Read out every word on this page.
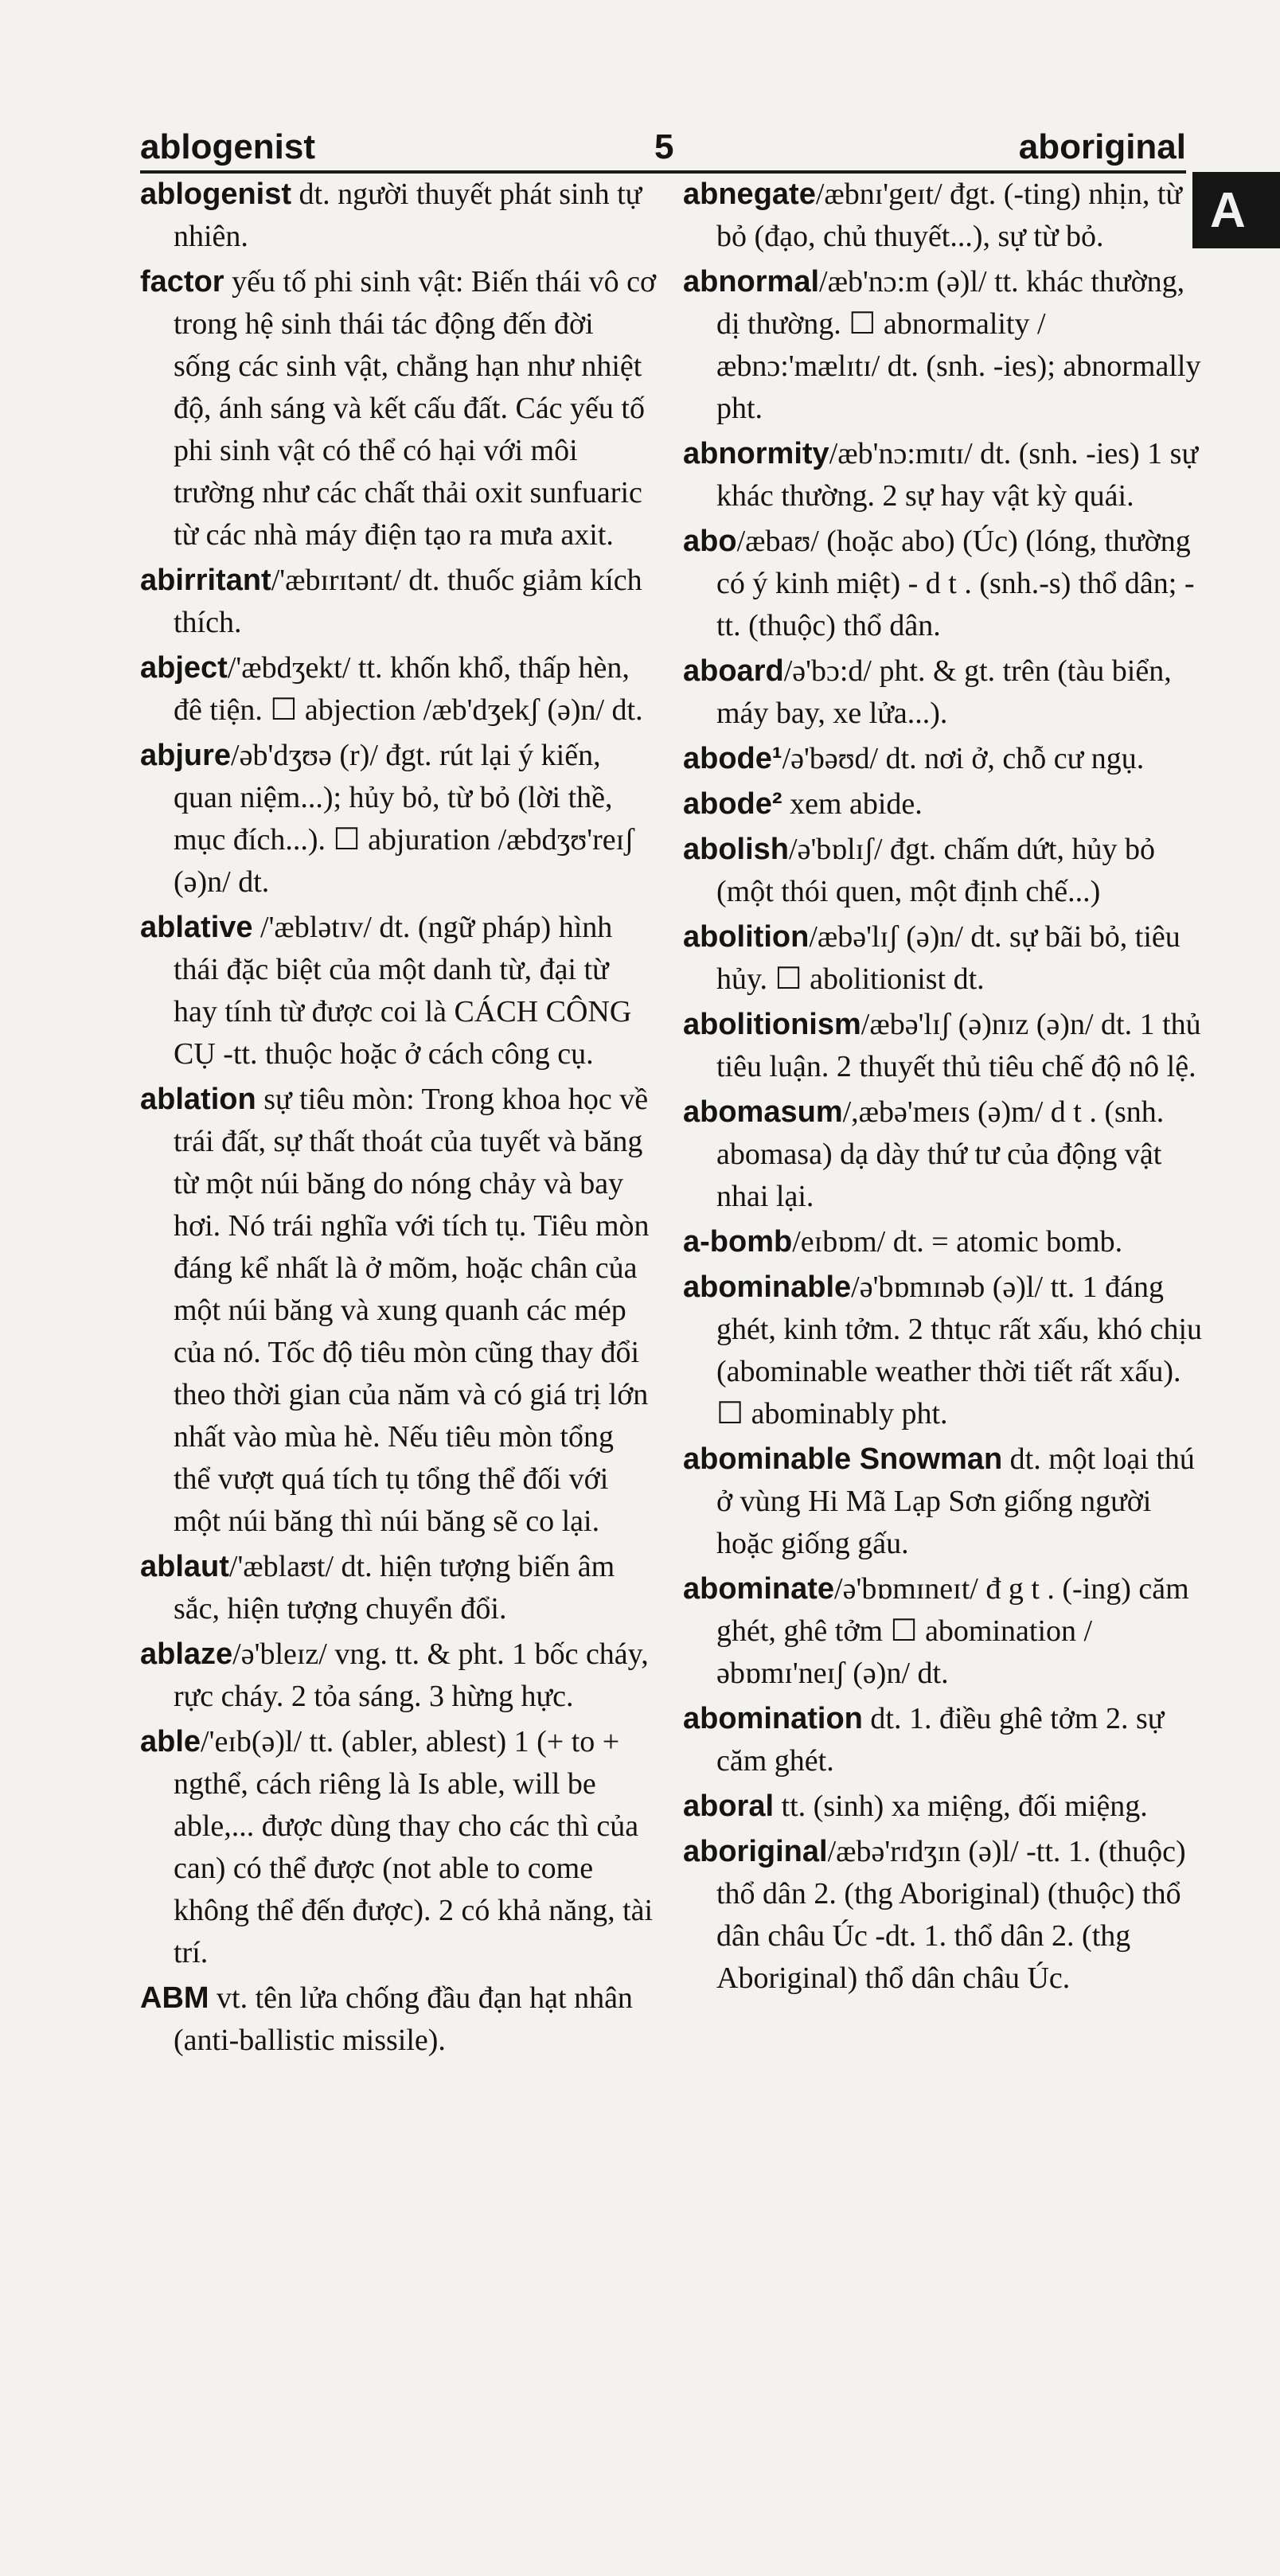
ablogenist	5	aboriginal
A

ablogenist dt. người thuyết phát sinh tự nhiên.

factor yếu tố phi sinh vật: Biến thái vô cơ trong hệ sinh thái tác động đến đời sống các sinh vật, chẳng hạn như nhiệt độ, ánh sáng và kết cấu đất. Các yếu tố phi sinh vật có thể có hại với môi trường như các chất thải oxit sunfuaric từ các nhà máy điện tạo ra mưa axit.

abirritant/'æbɪrɪtənt/ dt. thuốc giảm kích thích.

abject/'æbdʒekt/ tt. khốn khổ, thấp hèn, đê tiện. ☐ abjection /æb'dʒekʃ (ə)n/ dt.

abjure/əb'dʒʊə (r)/ đgt. rút lại ý kiến, quan niệm...); hủy bỏ, từ bỏ (lời thề, mục đích...). ☐ abjuration /æbdʒʊ'reɪʃ (ə)n/ dt.

ablative /'æblətɪv/ dt. (ngữ pháp) hình thái đặc biệt của một danh từ, đại từ hay tính từ được coi là CÁCH CÔNG CỤ -tt. thuộc hoặc ở cách công cụ.

ablation sự tiêu mòn: Trong khoa học về trái đất, sự thất thoát của tuyết và băng từ một núi băng do nóng chảy và bay hơi. Nó trái nghĩa với tích tụ. Tiêu mòn đáng kể nhất là ở mõm, hoặc chân của một núi băng và xung quanh các mép của nó. Tốc độ tiêu mòn cũng thay đổi theo thời gian của năm và có giá trị lớn nhất vào mùa hè. Nếu tiêu mòn tổng thể vượt quá tích tụ tổng thể đối với một núi băng thì núi băng sẽ co lại.

ablaut/'æblaʊt/ dt. hiện tượng biến âm sắc, hiện tượng chuyển đổi.

ablaze/ə'bleɪz/ vng. tt. & pht. 1 bốc cháy, rực cháy. 2 tỏa sáng. 3 hừng hực.

able/'eɪb(ə)l/ tt. (abler, ablest) 1 (+ to + ngthể, cách riêng là Is able, will be able,... được dùng thay cho các thì của can) có thể được (not able to come không thể đến được). 2 có khả năng, tài trí.

ABM vt. tên lửa chống đầu đạn hạt nhân (anti-ballistic missile).

abnegate/æbnɪ'geɪt/ đgt. (-ting) nhịn, từ bỏ (đạo, chủ thuyết...), sự từ bỏ.

abnormal/æb'nɔ:m (ə)l/ tt. khác thường, dị thường. ☐ abnormality /æbnɔ:'mælɪtɪ/ dt. (snh. -ies); abnormally pht.

abnormity/æb'nɔ:mɪtɪ/ dt. (snh. -ies) 1 sự khác thường. 2 sự hay vật kỳ quái.

abo/æbaʊ/ (hoặc abo) (Úc) (lóng, thường có ý kinh miệt) - d t . (snh.-s) thổ dân; -tt. (thuộc) thổ dân.

aboard/ə'bɔ:d/ pht. & gt. trên (tàu biển, máy bay, xe lửa...).

abode¹/ə'bəʊd/ dt. nơi ở, chỗ cư ngụ.

abode² xem abide.

abolish/ə'bɒlɪʃ/ đgt. chấm dứt, hủy bỏ (một thói quen, một định chế...)

abolition/æbə'lɪʃ (ə)n/ dt. sự bãi bỏ, tiêu hủy. ☐ abolitionist dt.

abolitionism/æbə'lɪʃ (ə)nɪz (ə)n/ dt. 1 thủ tiêu luận. 2 thuyết thủ tiêu chế độ nô lệ.

abomasum/,æbə'meɪs (ə)m/ d t . (snh. abomasa) dạ dày thứ tư của động vật nhai lại.

a-bomb/eɪbɒm/ dt. = atomic bomb.

abominable/ə'bɒmɪnəb (ə)l/ tt. 1 đáng ghét, kinh tởm. 2 thtục rất xấu, khó chịu (abominable weather thời tiết rất xấu). ☐ abominably pht.

abominable Snowman dt. một loại thú ở vùng Hi Mã Lạp Sơn giống người hoặc giống gấu.

abominate/ə'bɒmɪneɪt/ đ g t . (-ing) căm ghét, ghê tởm ☐ abomination /əbɒmɪ'neɪʃ (ə)n/ dt.

abomination dt. 1. điều ghê tởm 2. sự căm ghét.

aboral tt. (sinh) xa miệng, đối miệng.

aboriginal/æbə'rɪdʒɪn (ə)l/ -tt. 1. (thuộc) thổ dân 2. (thg Aboriginal) (thuộc) thổ dân châu Úc -dt. 1. thổ dân 2. (thg Aboriginal) thổ dân châu Úc.
